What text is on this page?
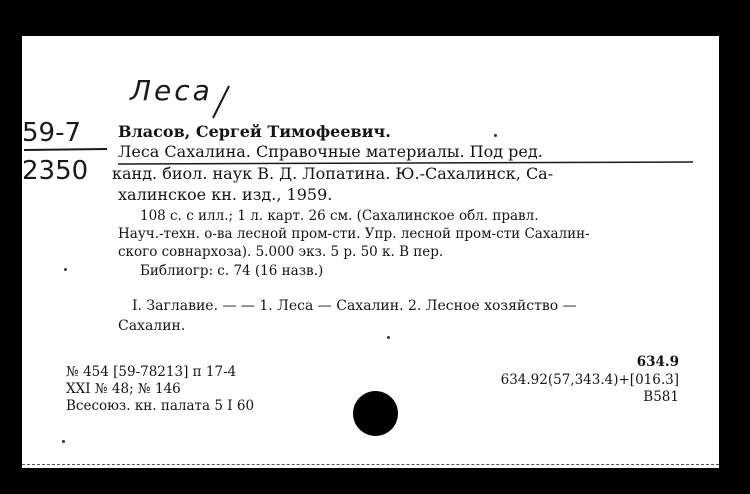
Леса
59-7
2350
Власов, Сергей Тимофеевич.
Леса Сахалина. Справочные материалы. Под ред.
канд. биол. наук В. Д. Лопатина. Ю.-Сахалинск, Са-
халинское кн. изд., 1959.
108 с. с илл.; 1 л. карт. 26 см. (Сахалинское обл. правл.
Науч.-техн. о-ва лесной пром-сти. Упр. лесной пром-сти Сахалин-
ского совнархоза). 5.000 экз. 5 р. 50 к. В пер.
Библиогр: с. 74 (16 назв.)
I. Заглавие. — — 1. Леса — Сахалин. 2. Лесное хозяйство —
Сахалин.
№ 454 [59-78213] п 17-4
XXI № 48; № 146
Всесоюз. кн. палата 5 I 60
634.9
634.92(57,343.4)+[016.3]
В581
